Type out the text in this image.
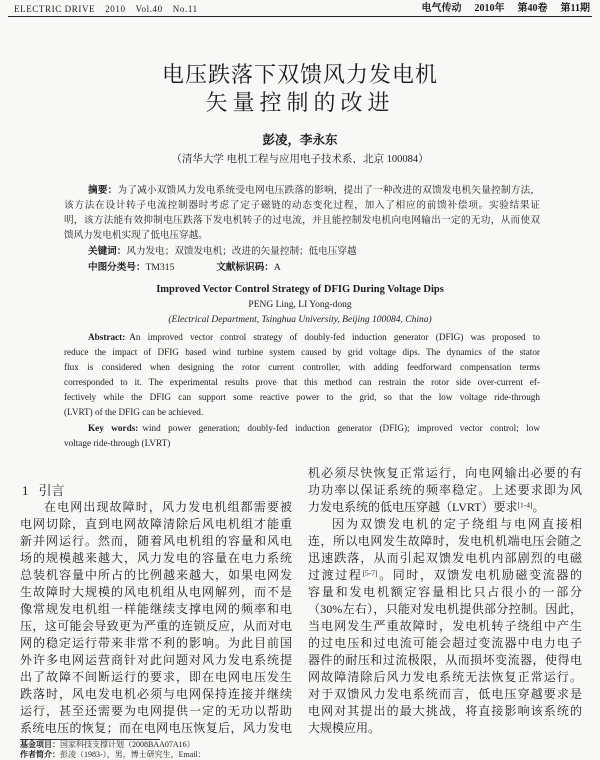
ELECTRIC DRIVE 2010 Vol.40 No.11	电气传动 2010年 第40卷 第11期
电压跌落下双馈风力发电机
矢量控制的改进
彭凌，李永东
（清华大学 电机工程与应用电子技术系，北京 100084）
摘要：为了减小双馈风力发电系统受电网电压跌落的影响，提出了一种改进的双馈发电机矢量控制方法，
该方法在设计转子电流控制器时考虑了定子磁链的动态变化过程，加入了相应的前馈补偿项。实验结果证
明，该方法能有效抑制电压跌落下发电机转子的过电流，并且能控制发电机向电网输出一定的无功，从而使双
馈风力发电机实现了低电压穿越。
关键词：风力发电；双馈发电机；改进的矢量控制；低电压穿越
中图分类号：TM315	文献标识码：A
Improved Vector Control Strategy of DFIG During Voltage Dips
PENG Ling, LI Yong-dong
(Electrical Department, Tsinghua University, Beijing 100084, China)
Abstract: An improved vector control strategy of doubly-fed induction generator (DFIG) was proposed to
reduce the impact of DFIG based wind turbine system caused by grid voltage dips. The dynamics of the stator
flux is considered when designing the rotor current controller, with adding feedforward compensation terms
corresponded to it. The experimental results prove that this method can restrain the rotor side over-current ef-
fectively while the DFIG can support some reactive power to the grid, so that the low voltage ride-through
(LVRT) of the DFIG can be achieved.
Key words: wind power generation; doubly-fed induction generator (DFIG); improved vector control; low
voltage ride-through (LVRT)
1 引言
在电网出现故障时，风力发电机组都需要被
电网切除，直到电网故障清除后风电机组才能重
新并网运行。然而，随着风电机组的容量和风电
场的规模越来越大，风力发电的容量在电力系统
总装机容量中所占的比例越来越大，如果电网发
生故障时大规模的风电机组从电网解列，而不是
像常规发电机组一样能继续支撑电网的频率和电
压，这可能会导致更为严重的连锁反应，从而对电
网的稳定运行带来非常不利的影响。为此目前国
外许多电网运营商针对此问题对风力发电系统提
出了故障不间断运行的要求，即在电网电压发生
跌落时，风电发电机必须与电网保持连接并继续
运行，甚至还需要为电网提供一定的无功以帮助
系统电压的恢复；而在电网电压恢复后，风力发电
机必须尽快恢复正常运行，向电网输出必要的有
功功率以保证系统的频率稳定。上述要求即为风
力发电系统的低电压穿越（LVRT）要求[1-4]。
因为双馈发电机的定子绕组与电网直接相
连，所以电网发生故障时，发电机机端电压会随之
迅速跌落，从而引起双馈发电机内部剧烈的电磁
过渡过程[5-7]。同时，双馈发电机励磁变流器的
容量和发电机额定容量相比只占很小的一部分
（30%左右），只能对发电机提供部分控制。因此，
当电网发生严重故障时，发电机转子绕组中产生
的过电压和过电流可能会超过变流器中电力电子
器件的耐压和过流极限，从而损坏变流器，使得电
网故障清除后风力发电系统无法恢复正常运行。
对于双馈风力发电系统而言，低电压穿越要求是
电网对其提出的最大挑战，将直接影响该系统的
大规模应用。
基金项目：国家科技支撑计划（2008BAA07A16）
作者简介：彭凌（1983-），男，博士研究生，Email：
